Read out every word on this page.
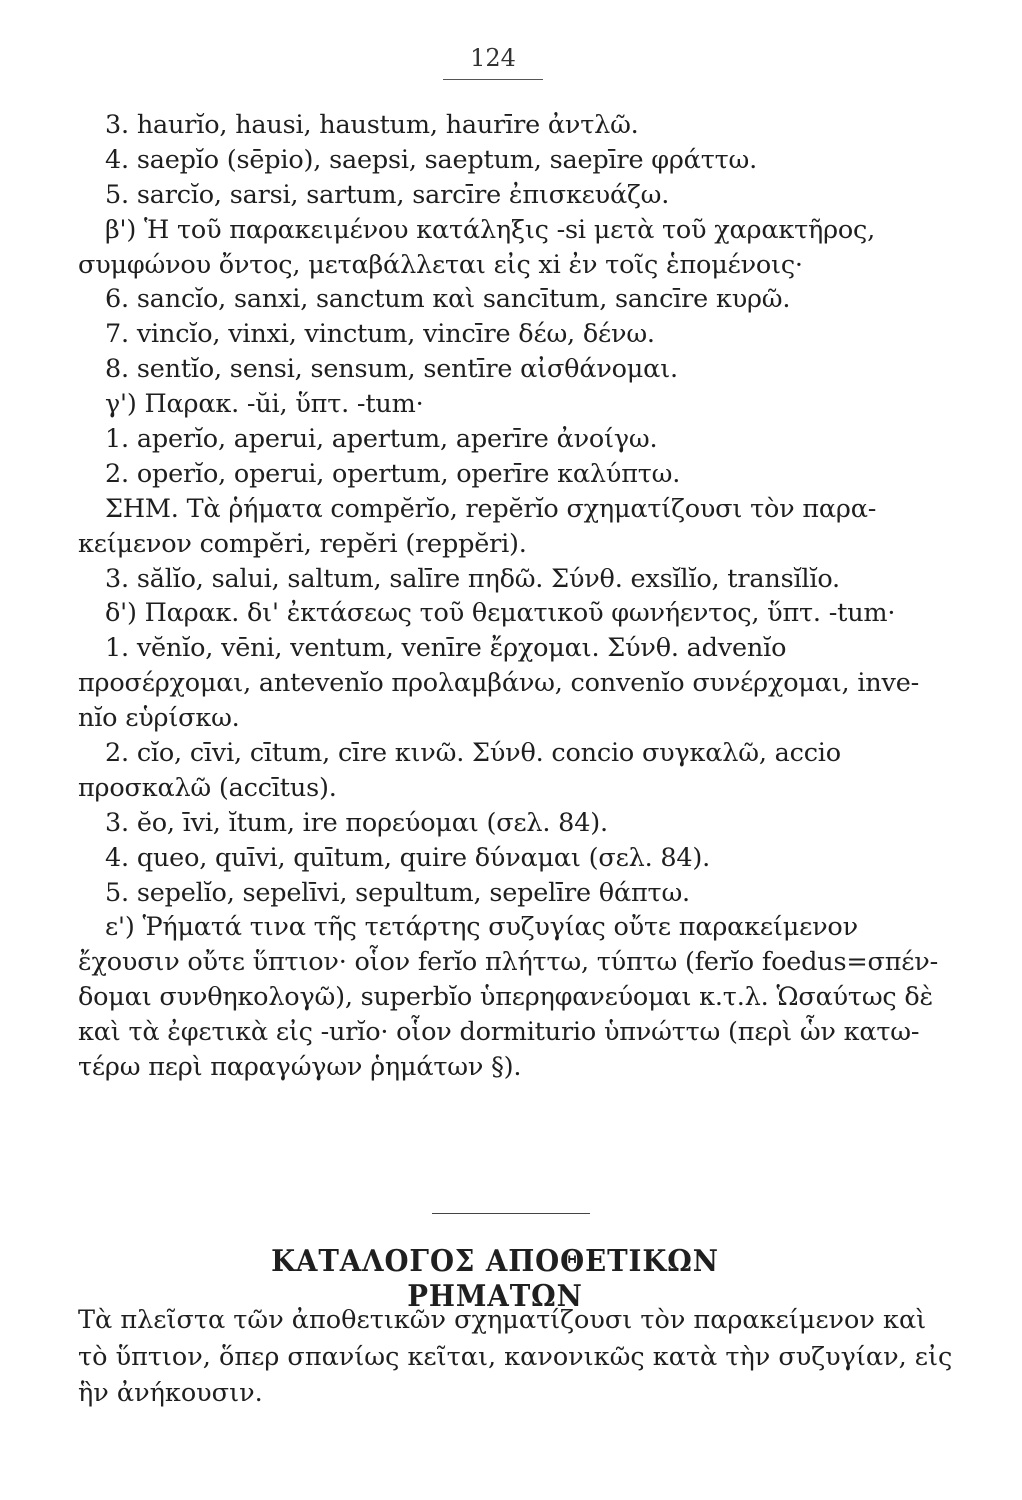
124
3. haurĭo, hausi, haustum, haurīre ἀντλῶ.
4. saepĭo (sēpio), saepsi, saeptum, saepīre φράττω.
5. sarcĭo, sarsi, sartum, sarcīre ἐπισκευάζω.
β') Ἡ τοῦ παρακειμένου κατάληξις -si μετὰ τοῦ χαρακτῆρος,
συμφώνου ὄντος, μεταβάλλεται εἰς xi ἐν τοῖς ἑπομένοις·
6. sancĭo, sanxi, sanctum καὶ sancītum, sancīre κυρῶ.
7. vincĭo, vinxi, vinctum, vincīre δέω, δένω.
8. sentĭo, sensi, sensum, sentīre αἰσθάνομαι.
γ') Παρακ. -ŭi, ὕπτ. -tum·
1. aperĭo, aperui, apertum, aperīre ἀνοίγω.
2. operĭo, operui, opertum, operīre καλύπτω.
ΣΗΜ. Τὰ ῥήματα compĕrĭo, repĕrĭo σχηματίζουσι τὸν παρα-
κείμενον compĕri, repĕri (reppĕri).
3. sălĭo, salui, saltum, salīre πηδῶ. Σύνθ. exsĭlĭo, transĭlĭo.
δ') Παρακ. δι' ἐκτάσεως τοῦ θεματικοῦ φωνήεντος, ὕπτ. -tum·
1. vĕnĭo, vēni, ventum, venīre ἔρχομαι. Σύνθ. advenĭo
προσέρχομαι, antevenĭo προλαμβάνω, convenĭo συνέρχομαι, inve-
nĭo εὑρίσκω.
2. cĭo, cīvi, cītum, cīre κινῶ. Σύνθ. concio συγκαλῶ, accio
προσκαλῶ (accītus).
3. ĕo, īvi, ĭtum, ire πορεύομαι (σελ. 84).
4. queo, quīvi, quītum, quire δύναμαι (σελ. 84).
5. sepelĭo, sepelīvi, sepultum, sepelīre θάπτω.
ε') Ῥήματά τινα τῆς τετάρτης συζυγίας οὔτε παρακείμενον
ἔχουσιν οὔτε ὕπτιον· οἷον ferĭo πλήττω, τύπτω (ferĭo foedus=σπέν-
δομαι συνθηκολογῶ), superbĭo ὑπερηφανεύομαι κ.τ.λ. Ὡσαύτως δὲ
καὶ τὰ ἐφετικὰ εἰς -urĭo· οἷον dormiturio ὑπνώττω (περὶ ὧν κατω-
τέρω περὶ παραγώγων ῥημάτων §).
ΚΑΤΑΛΟΓΟΣ ΑΠΟΘΕΤΙΚΩΝ ΡΗΜΑΤΩΝ
Τὰ πλεῖστα τῶν ἀποθετικῶν σχηματίζουσι τὸν παρακείμενον καὶ
τὸ ὕπτιον, ὅπερ σπανίως κεῖται, κανονικῶς κατὰ τὴν συζυγίαν, εἰς
ἣν ἀνήκουσιν.
